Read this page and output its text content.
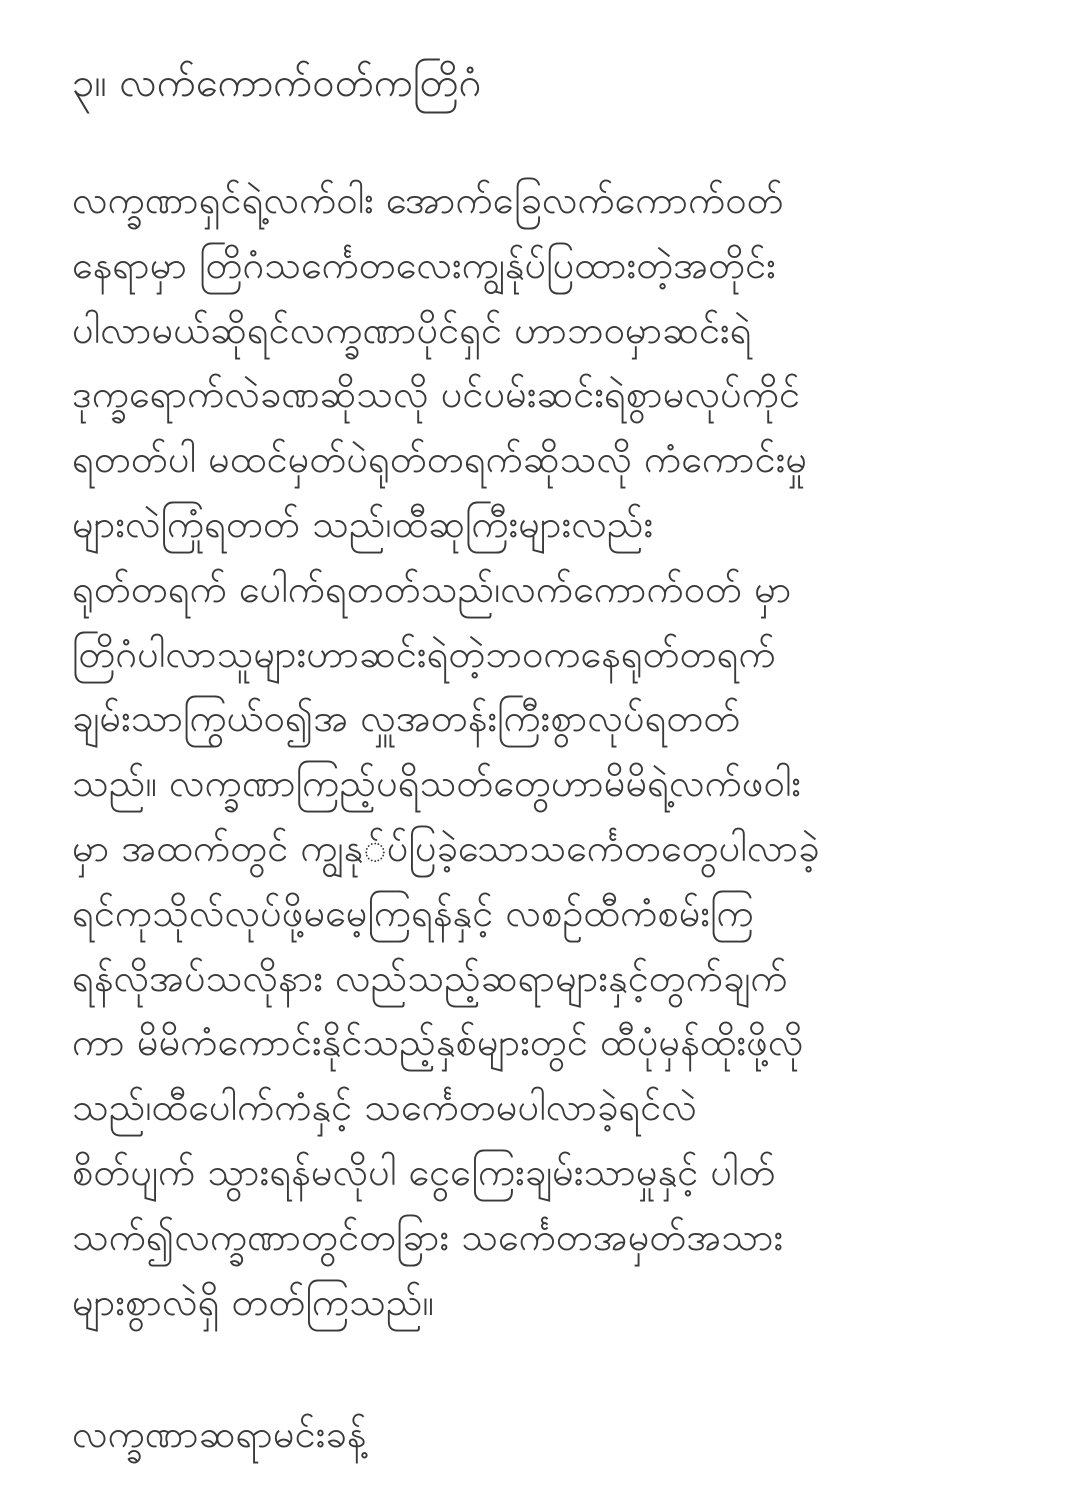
၃။ လက်ကောက်ဝတ်ကတြိဂံ
လက္ခဏာရှင်ရဲ့လက်ဝါး အောက်ခြေလက်ကောက်ဝတ်
နေရာမှာ တြိဂံသင်္ကေတလေးကျွန်ုပ်ပြထားတဲ့အတိုင်း
ပါလာမယ်ဆိုရင်လက္ခဏာပိုင်ရှင် ဟာဘဝမှာဆင်းရဲ
ဒုက္ခရောက်လဲခဏဆိုသလို ပင်ပမ်းဆင်းရဲစွာမလုပ်ကိုင်
ရတတ်ပါ မထင်မှတ်ပဲရုတ်တရက်ဆိုသလို ကံကောင်းမှု
များလဲကြုံရတတ် သည်၊ထီဆုကြီးများလည်း
ရုတ်တရက် ပေါက်ရတတ်သည်၊လက်ကောက်ဝတ် မှာ
တြိဂံပါလာသူများဟာဆင်းရဲတဲ့ဘဝကနေရုတ်တရက်
ချမ်းသာကြွယ်ဝ၍အ လှူအတန်းကြီးစွာလုပ်ရတတ်
သည်။ လက္ခဏာကြည့်ပရိသတ်တွေဟာမိမိရဲ့လက်ဖဝါး
မှာ အထက်တွင် ကျွနု်ပ်ပြခဲ့သောသင်္ကေတတွေပါလာခဲ့
ရင်ကုသိုလ်လုပ်ဖို့မမေ့ကြရန်နှင့် လစဉ်ထီကံစမ်းကြ
ရန်လိုအပ်သလိုနား လည်သည့်ဆရာများနှင့်တွက်ချက်
ကာ မိမိကံကောင်းနိုင်သည့်နှစ်များတွင် ထီပုံမှန်ထိုးဖို့လို
သည်၊ထီပေါက်ကံနှင့် သင်္ကေတမပါလာခဲ့ရင်လဲ
စိတ်ပျက် သွားရန်မလိုပါ ငွေကြေးချမ်းသာမှုနှင့် ပါတ်
သက်၍လက္ခဏာတွင်တခြား သင်္ကေတအမှတ်အသား
များစွာလဲရှိ တတ်ကြသည်။
လက္ခဏာဆရာမင်းခန့်
